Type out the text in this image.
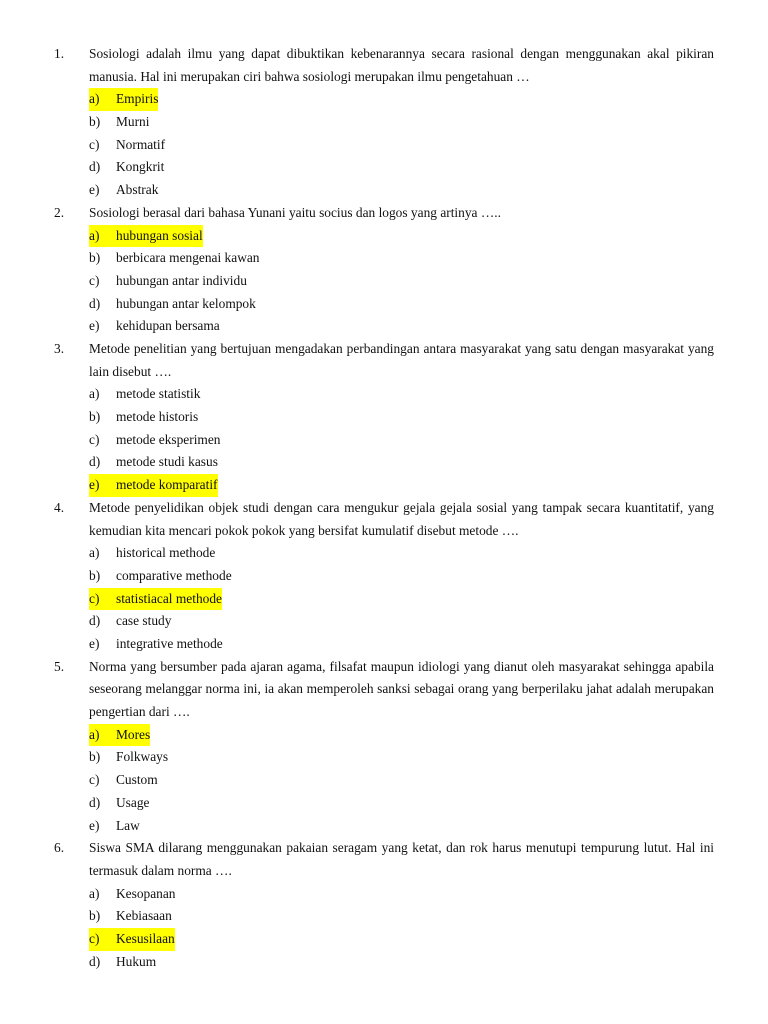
1. Sosiologi adalah ilmu yang dapat dibuktikan kebenarannya secara rasional dengan menggunakan akal pikiran manusia. Hal ini merupakan ciri bahwa sosiologi merupakan ilmu pengetahuan …
a) Empiris
b) Murni
c) Normatif
d) Kongkrit
e) Abstrak
2. Sosiologi berasal dari bahasa Yunani yaitu socius dan logos yang artinya …..
a) hubungan sosial
b) berbicara mengenai kawan
c) hubungan antar individu
d) hubungan antar kelompok
e) kehidupan bersama
3. Metode penelitian yang bertujuan mengadakan perbandingan antara masyarakat yang satu dengan masyarakat yang lain disebut ….
a) metode statistik
b) metode historis
c) metode eksperimen
d) metode studi kasus
e) metode komparatif
4. Metode penyelidikan objek studi dengan cara mengukur gejala gejala sosial yang tampak secara kuantitatif, yang kemudian kita mencari pokok pokok yang bersifat kumulatif disebut metode ….
a) historical methode
b) comparative methode
c) statistiacal methode
d) case study
e) integrative methode
5. Norma yang bersumber pada ajaran agama, filsafat maupun idiologi yang dianut oleh masyarakat sehingga apabila seseorang melanggar norma ini, ia akan memperoleh sanksi sebagai orang yang berperilaku jahat adalah merupakan pengertian dari ….
a) Mores
b) Folkways
c) Custom
d) Usage
e) Law
6. Siswa SMA dilarang menggunakan pakaian seragam yang ketat, dan rok harus menutupi tempurung lutut. Hal ini termasuk dalam norma ….
a) Kesopanan
b) Kebiasaan
c) Kesusilaan
d) Hukum
